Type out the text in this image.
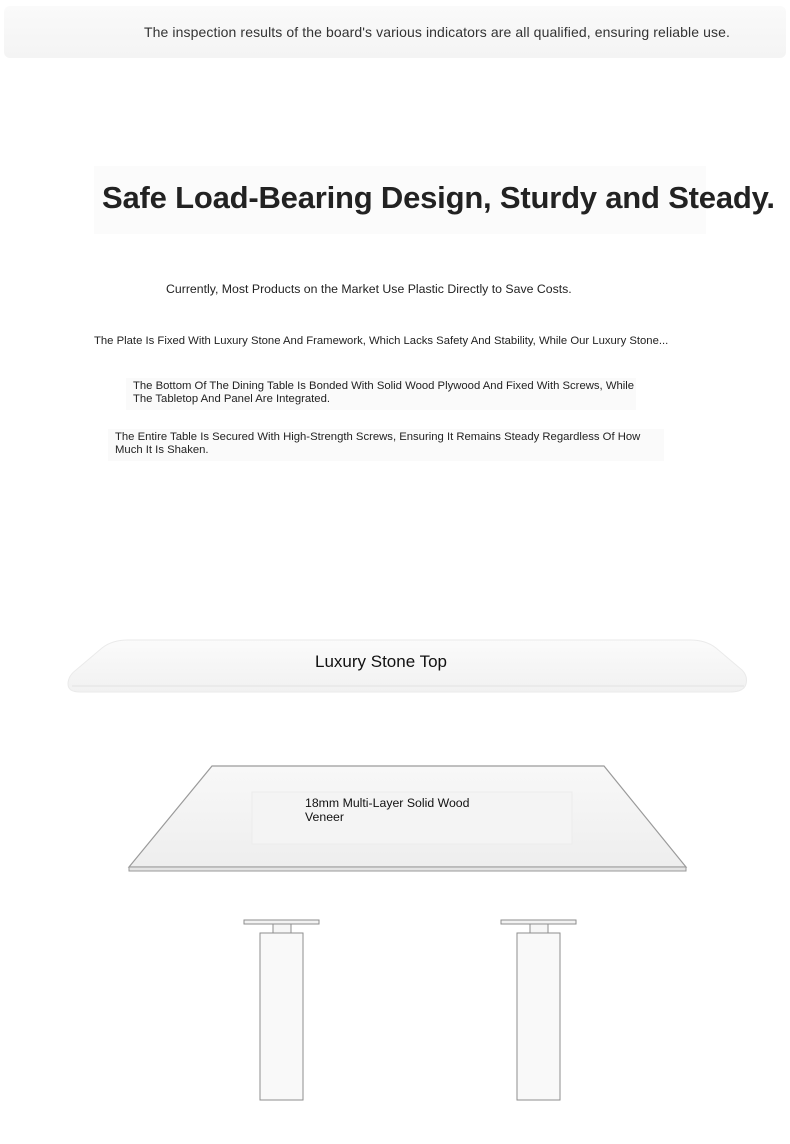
The inspection results of the board's various indicators are all qualified, ensuring reliable use.
Safe Load-Bearing Design, Sturdy and Steady.

Currently, Most Products on the Market Use Plastic Directly to Save Costs.

The Plate Is Fixed With Luxury Stone And Framework, Which Lacks Safety And Stability, While Our Luxury Stone...

The Bottom Of The Dining Table Is Bonded With Solid Wood Plywood And Fixed With Screws, While The Tabletop And Panel Are Integrated.

The Entire Table Is Secured With High-Strength Screws, Ensuring It Remains Steady Regardless Of How Much It Is Shaken.

Luxury Stone Top
18mm Multi-Layer Solid Wood Veneer
